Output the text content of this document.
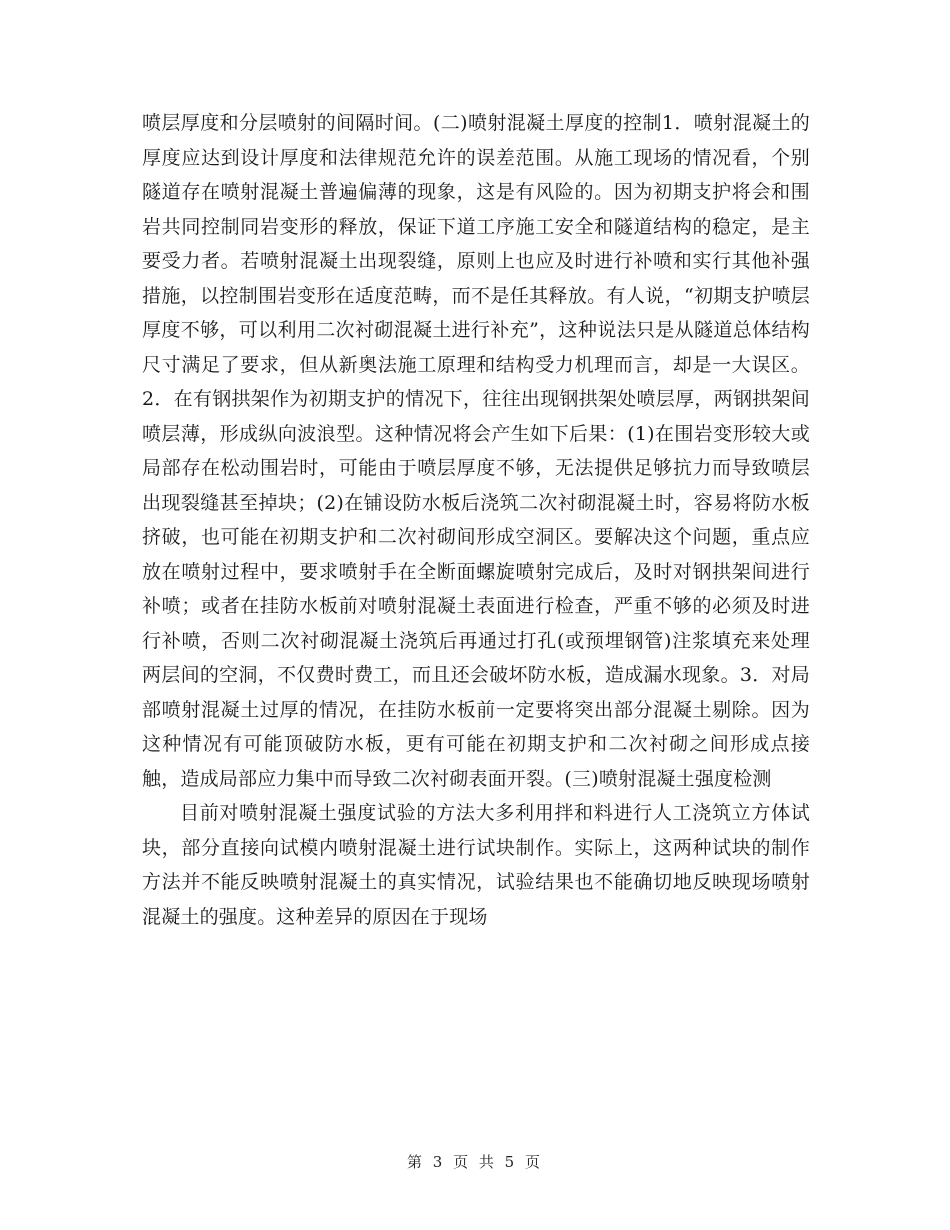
喷层厚度和分层喷射的间隔时间。(二)喷射混凝土厚度的控制1．喷射混凝土的厚度应达到设计厚度和法律规范允许的误差范围。从施工现场的情况看，个别隧道存在喷射混凝土普遍偏薄的现象，这是有风险的。因为初期支护将会和围岩共同控制同岩变形的释放，保证下道工序施工安全和隧道结构的稳定，是主要受力者。若喷射混凝土出现裂缝，原则上也应及时进行补喷和实行其他补强措施，以控制围岩变形在适度范畴，而不是任其释放。有人说，“初期支护喷层厚度不够，可以利用二次衬砌混凝土进行补充”，这种说法只是从隧道总体结构尺寸满足了要求，但从新奥法施工原理和结构受力机理而言，却是一大误区。2．在有钢拱架作为初期支护的情况下，往往出现钢拱架处喷层厚，两钢拱架间喷层薄，形成纵向波浪型。这种情况将会产生如下后果：(1)在围岩变形较大或局部存在松动围岩时，可能由于喷层厚度不够，无法提供足够抗力而导致喷层出现裂缝甚至掉块；(2)在铺设防水板后浇筑二次衬砌混凝土时，容易将防水板挤破，也可能在初期支护和二次衬砌间形成空洞区。要解决这个问题，重点应放在喷射过程中，要求喷射手在全断面螺旋喷射完成后，及时对钢拱架间进行补喷；或者在挂防水板前对喷射混凝土表面进行检查，严重不够的必须及时进行补喷，否则二次衬砌混凝土浇筑后再通过打孔(或预埋钢管)注浆填充来处理两层间的空洞，不仅费时费工，而且还会破坏防水板，造成漏水现象。3．对局部喷射混凝土过厚的情况，在挂防水板前一定要将突出部分混凝土剔除。因为这种情况有可能顶破防水板，更有可能在初期支护和二次衬砌之间形成点接触，造成局部应力集中而导致二次衬砌表面开裂。(三)喷射混凝土强度检测

目前对喷射混凝土强度试验的方法大多利用拌和料进行人工浇筑立方体试块，部分直接向试模内喷射混凝土进行试块制作。实际上，这两种试块的制作方法并不能反映喷射混凝土的真实情况，试验结果也不能确切地反映现场喷射混凝土的强度。这种差异的原因在于现场

第 3 页 共 5 页
